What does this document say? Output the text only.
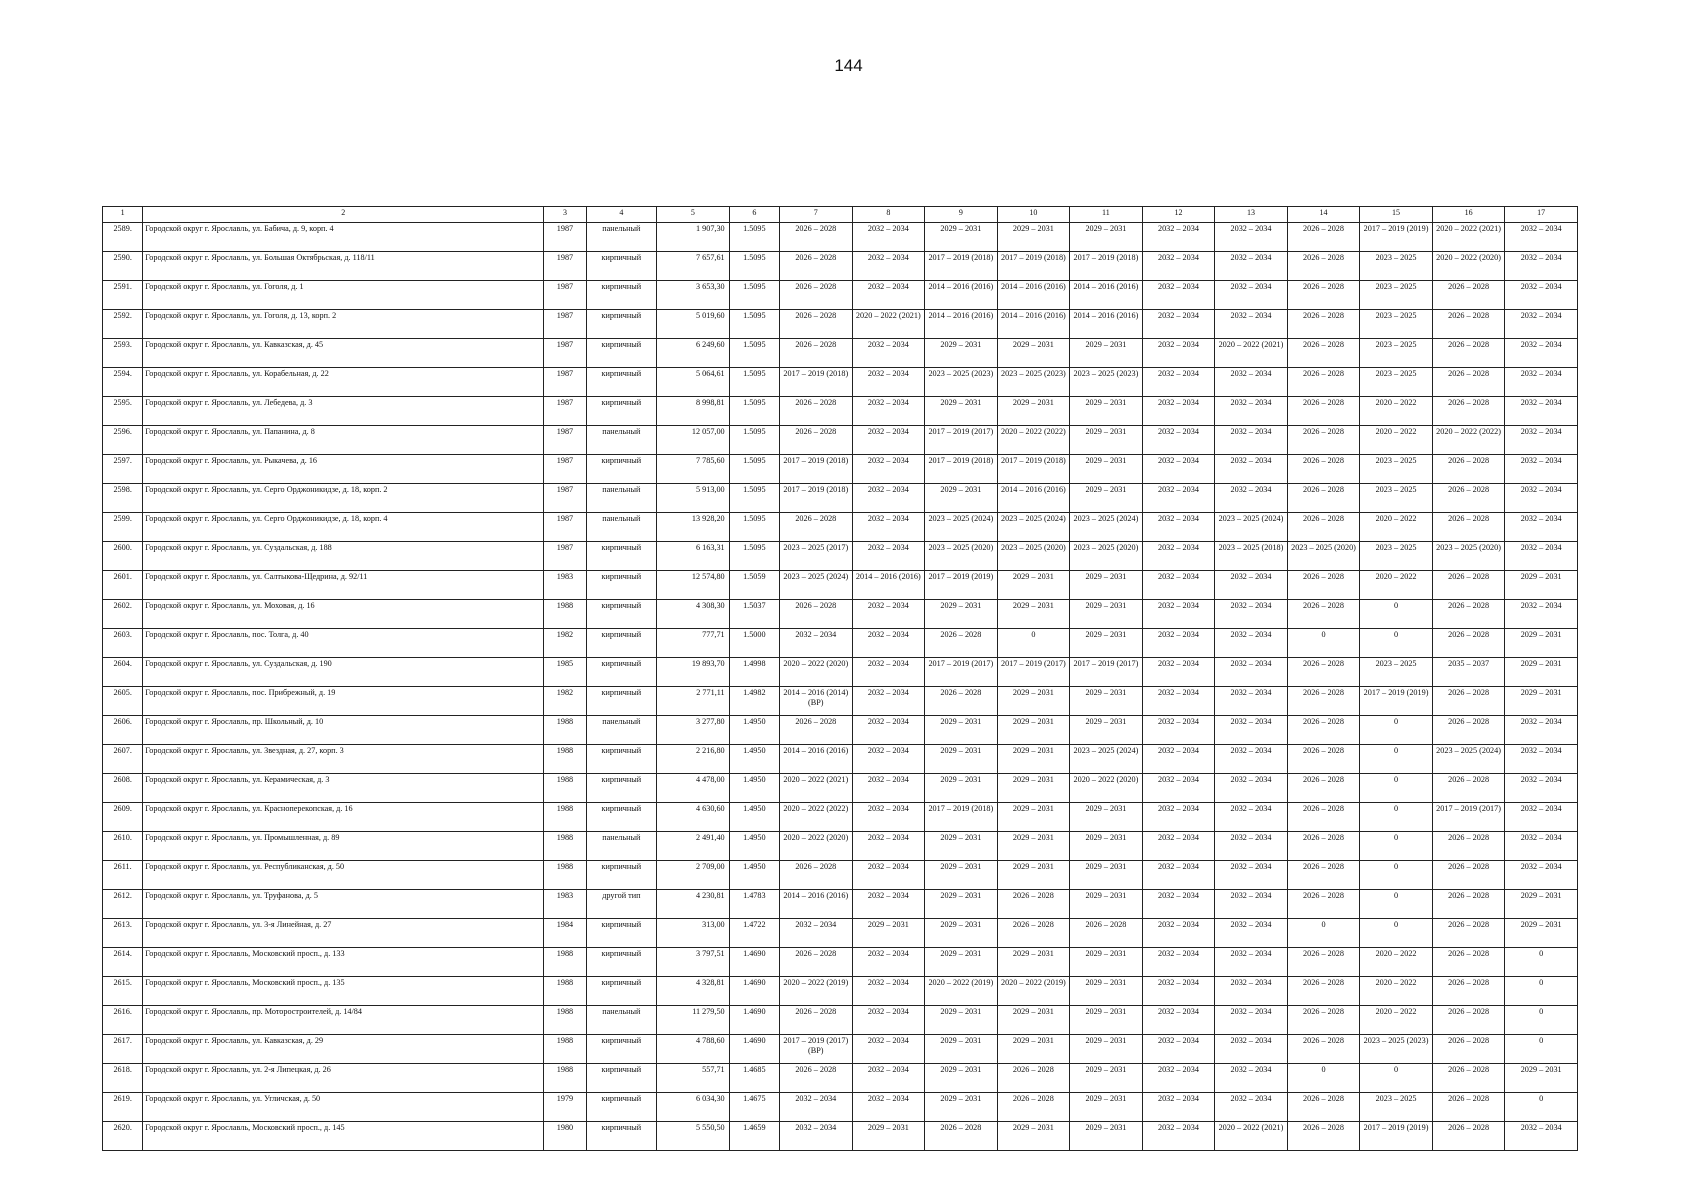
144
1	2	3	4	5	6	7	8	9	10	11	12	13	14	15	16	17
2589.	Городской округ г. Ярославль, ул. Бабича, д. 9, корп. 4	1987	панельный	1 907,30	1.5095	2026 – 2028	2032 – 2034	2029 – 2031	2029 – 2031	2029 – 2031	2032 – 2034	2032 – 2034	2026 – 2028	2017 – 2019 (2019)	2020 – 2022 (2021)	2032 – 2034
2590.	Городской округ г. Ярославль, ул. Большая Октябрьская, д. 118/11	1987	кирпичный	7 657,61	1.5095	2026 – 2028	2032 – 2034	2017 – 2019 (2018)	2017 – 2019 (2018)	2017 – 2019 (2018)	2032 – 2034	2032 – 2034	2026 – 2028	2023 – 2025	2020 – 2022 (2020)	2032 – 2034
2591.	Городской округ г. Ярославль, ул. Гоголя, д. 1	1987	кирпичный	3 653,30	1.5095	2026 – 2028	2032 – 2034	2014 – 2016 (2016)	2014 – 2016 (2016)	2014 – 2016 (2016)	2032 – 2034	2032 – 2034	2026 – 2028	2023 – 2025	2026 – 2028	2032 – 2034
2592.	Городской округ г. Ярославль, ул. Гоголя, д. 13, корп. 2	1987	кирпичный	5 019,60	1.5095	2026 – 2028	2020 – 2022 (2021)	2014 – 2016 (2016)	2014 – 2016 (2016)	2014 – 2016 (2016)	2032 – 2034	2032 – 2034	2026 – 2028	2023 – 2025	2026 – 2028	2032 – 2034
2593.	Городской округ г. Ярославль, ул. Кавказская, д. 45	1987	кирпичный	6 249,60	1.5095	2026 – 2028	2032 – 2034	2029 – 2031	2029 – 2031	2029 – 2031	2032 – 2034	2020 – 2022 (2021)	2026 – 2028	2023 – 2025	2026 – 2028	2032 – 2034
2594.	Городской округ г. Ярославль, ул. Корабельная, д. 22	1987	кирпичный	5 064,61	1.5095	2017 – 2019 (2018)	2032 – 2034	2023 – 2025 (2023)	2023 – 2025 (2023)	2023 – 2025 (2023)	2032 – 2034	2032 – 2034	2026 – 2028	2023 – 2025	2026 – 2028	2032 – 2034
2595.	Городской округ г. Ярославль, ул. Лебедева, д. 3	1987	кирпичный	8 998,81	1.5095	2026 – 2028	2032 – 2034	2029 – 2031	2029 – 2031	2029 – 2031	2032 – 2034	2032 – 2034	2026 – 2028	2020 – 2022	2026 – 2028	2032 – 2034
2596.	Городской округ г. Ярославль, ул. Папанина, д. 8	1987	панельный	12 057,00	1.5095	2026 – 2028	2032 – 2034	2017 – 2019 (2017)	2020 – 2022 (2022)	2029 – 2031	2032 – 2034	2032 – 2034	2026 – 2028	2020 – 2022	2020 – 2022 (2022)	2032 – 2034
2597.	Городской округ г. Ярославль, ул. Рыкачева, д. 16	1987	кирпичный	7 785,60	1.5095	2017 – 2019 (2018)	2032 – 2034	2017 – 2019 (2018)	2017 – 2019 (2018)	2029 – 2031	2032 – 2034	2032 – 2034	2026 – 2028	2023 – 2025	2026 – 2028	2032 – 2034
2598.	Городской округ г. Ярославль, ул. Серго Орджоникидзе, д. 18, корп. 2	1987	панельный	5 913,00	1.5095	2017 – 2019 (2018)	2032 – 2034	2029 – 2031	2014 – 2016 (2016)	2029 – 2031	2032 – 2034	2032 – 2034	2026 – 2028	2023 – 2025	2026 – 2028	2032 – 2034
2599.	Городской округ г. Ярославль, ул. Серго Орджоникидзе, д. 18, корп. 4	1987	панельный	13 928,20	1.5095	2026 – 2028	2032 – 2034	2023 – 2025 (2024)	2023 – 2025 (2024)	2023 – 2025 (2024)	2032 – 2034	2023 – 2025 (2024)	2026 – 2028	2020 – 2022	2026 – 2028	2032 – 2034
2600.	Городской округ г. Ярославль, ул. Суздальская, д. 188	1987	кирпичный	6 163,31	1.5095	2023 – 2025 (2017)	2032 – 2034	2023 – 2025 (2020)	2023 – 2025 (2020)	2023 – 2025 (2020)	2032 – 2034	2023 – 2025 (2018)	2023 – 2025 (2020)	2023 – 2025	2023 – 2025 (2020)	2032 – 2034
2601.	Городской округ г. Ярославль, ул. Салтыкова-Щедрина, д. 92/11	1983	кирпичный	12 574,80	1.5059	2023 – 2025 (2024)	2014 – 2016 (2016)	2017 – 2019 (2019)	2029 – 2031	2029 – 2031	2032 – 2034	2032 – 2034	2026 – 2028	2020 – 2022	2026 – 2028	2029 – 2031
2602.	Городской округ г. Ярославль, ул. Моховая, д. 16	1988	кирпичный	4 308,30	1.5037	2026 – 2028	2032 – 2034	2029 – 2031	2029 – 2031	2029 – 2031	2032 – 2034	2032 – 2034	2026 – 2028	0	2026 – 2028	2032 – 2034
2603.	Городской округ г. Ярославль, пос. Толга, д. 40	1982	кирпичный	777,71	1.5000	2032 – 2034	2032 – 2034	2026 – 2028	0	2029 – 2031	2032 – 2034	2032 – 2034	0	0	2026 – 2028	2029 – 2031
2604.	Городской округ г. Ярославль, ул. Суздальская, д. 190	1985	кирпичный	19 893,70	1.4998	2020 – 2022 (2020)	2032 – 2034	2017 – 2019 (2017)	2017 – 2019 (2017)	2017 – 2019 (2017)	2032 – 2034	2032 – 2034	2026 – 2028	2023 – 2025	2035 – 2037	2029 – 2031
2605.	Городской округ г. Ярославль, пос. Прибрежный, д. 19	1982	кирпичный	2 771,11	1.4982	2014 – 2016 (2014) (ВР)	2032 – 2034	2026 – 2028	2029 – 2031	2029 – 2031	2032 – 2034	2032 – 2034	2026 – 2028	2017 – 2019 (2019)	2026 – 2028	2029 – 2031
2606.	Городской округ г. Ярославль, пр. Школьный, д. 10	1988	панельный	3 277,80	1.4950	2026 – 2028	2032 – 2034	2029 – 2031	2029 – 2031	2029 – 2031	2032 – 2034	2032 – 2034	2026 – 2028	0	2026 – 2028	2032 – 2034
2607.	Городской округ г. Ярославль, ул. Звездная, д. 27, корп. 3	1988	кирпичный	2 216,80	1.4950	2014 – 2016 (2016)	2032 – 2034	2029 – 2031	2029 – 2031	2023 – 2025 (2024)	2032 – 2034	2032 – 2034	2026 – 2028	0	2023 – 2025 (2024)	2032 – 2034
2608.	Городской округ г. Ярославль, ул. Керамическая, д. 3	1988	кирпичный	4 478,00	1.4950	2020 – 2022 (2021)	2032 – 2034	2029 – 2031	2029 – 2031	2020 – 2022 (2020)	2032 – 2034	2032 – 2034	2026 – 2028	0	2026 – 2028	2032 – 2034
2609.	Городской округ г. Ярославль, ул. Красноперекопская, д. 16	1988	кирпичный	4 630,60	1.4950	2020 – 2022 (2022)	2032 – 2034	2017 – 2019 (2018)	2029 – 2031	2029 – 2031	2032 – 2034	2032 – 2034	2026 – 2028	0	2017 – 2019 (2017)	2032 – 2034
2610.	Городской округ г. Ярославль, ул. Промышленная, д. 89	1988	панельный	2 491,40	1.4950	2020 – 2022 (2020)	2032 – 2034	2029 – 2031	2029 – 2031	2029 – 2031	2032 – 2034	2032 – 2034	2026 – 2028	0	2026 – 2028	2032 – 2034
2611.	Городской округ г. Ярославль, ул. Республиканская, д. 50	1988	кирпичный	2 709,00	1.4950	2026 – 2028	2032 – 2034	2029 – 2031	2029 – 2031	2029 – 2031	2032 – 2034	2032 – 2034	2026 – 2028	0	2026 – 2028	2032 – 2034
2612.	Городской округ г. Ярославль, ул. Труфанова, д. 5	1983	другой тип	4 230,81	1.4783	2014 – 2016 (2016)	2032 – 2034	2029 – 2031	2026 – 2028	2029 – 2031	2032 – 2034	2032 – 2034	2026 – 2028	0	2026 – 2028	2029 – 2031
2613.	Городской округ г. Ярославль, ул. 3-я Линейная, д. 27	1984	кирпичный	313,00	1.4722	2032 – 2034	2029 – 2031	2029 – 2031	2026 – 2028	2026 – 2028	2032 – 2034	2032 – 2034	0	0	2026 – 2028	2029 – 2031
2614.	Городской округ г. Ярославль, Московский просп., д. 133	1988	кирпичный	3 797,51	1.4690	2026 – 2028	2032 – 2034	2029 – 2031	2029 – 2031	2029 – 2031	2032 – 2034	2032 – 2034	2026 – 2028	2020 – 2022	2026 – 2028	0
2615.	Городской округ г. Ярославль, Московский просп., д. 135	1988	кирпичный	4 328,81	1.4690	2020 – 2022 (2019)	2032 – 2034	2020 – 2022 (2019)	2020 – 2022 (2019)	2029 – 2031	2032 – 2034	2032 – 2034	2026 – 2028	2020 – 2022	2026 – 2028	0
2616.	Городской округ г. Ярославль, пр. Моторостроителей, д. 14/84	1988	панельный	11 279,50	1.4690	2026 – 2028	2032 – 2034	2029 – 2031	2029 – 2031	2029 – 2031	2032 – 2034	2032 – 2034	2026 – 2028	2020 – 2022	2026 – 2028	0
2617.	Городской округ г. Ярославль, ул. Кавказская, д. 29	1988	кирпичный	4 788,60	1.4690	2017 – 2019 (2017) (ВР)	2032 – 2034	2029 – 2031	2029 – 2031	2029 – 2031	2032 – 2034	2032 – 2034	2026 – 2028	2023 – 2025 (2023)	2026 – 2028	0
2618.	Городской округ г. Ярославль, ул. 2-я Липецкая, д. 26	1988	кирпичный	557,71	1.4685	2026 – 2028	2032 – 2034	2029 – 2031	2026 – 2028	2029 – 2031	2032 – 2034	2032 – 2034	0	0	2026 – 2028	2029 – 2031
2619.	Городской округ г. Ярославль, ул. Угличская, д. 50	1979	кирпичный	6 034,30	1.4675	2032 – 2034	2032 – 2034	2029 – 2031	2026 – 2028	2029 – 2031	2032 – 2034	2032 – 2034	2026 – 2028	2023 – 2025	2026 – 2028	0
2620.	Городской округ г. Ярославль, Московский просп., д. 145	1980	кирпичный	5 550,50	1.4659	2032 – 2034	2029 – 2031	2026 – 2028	2029 – 2031	2029 – 2031	2032 – 2034	2020 – 2022 (2021)	2026 – 2028	2017 – 2019 (2019)	2026 – 2028	2032 – 2034
